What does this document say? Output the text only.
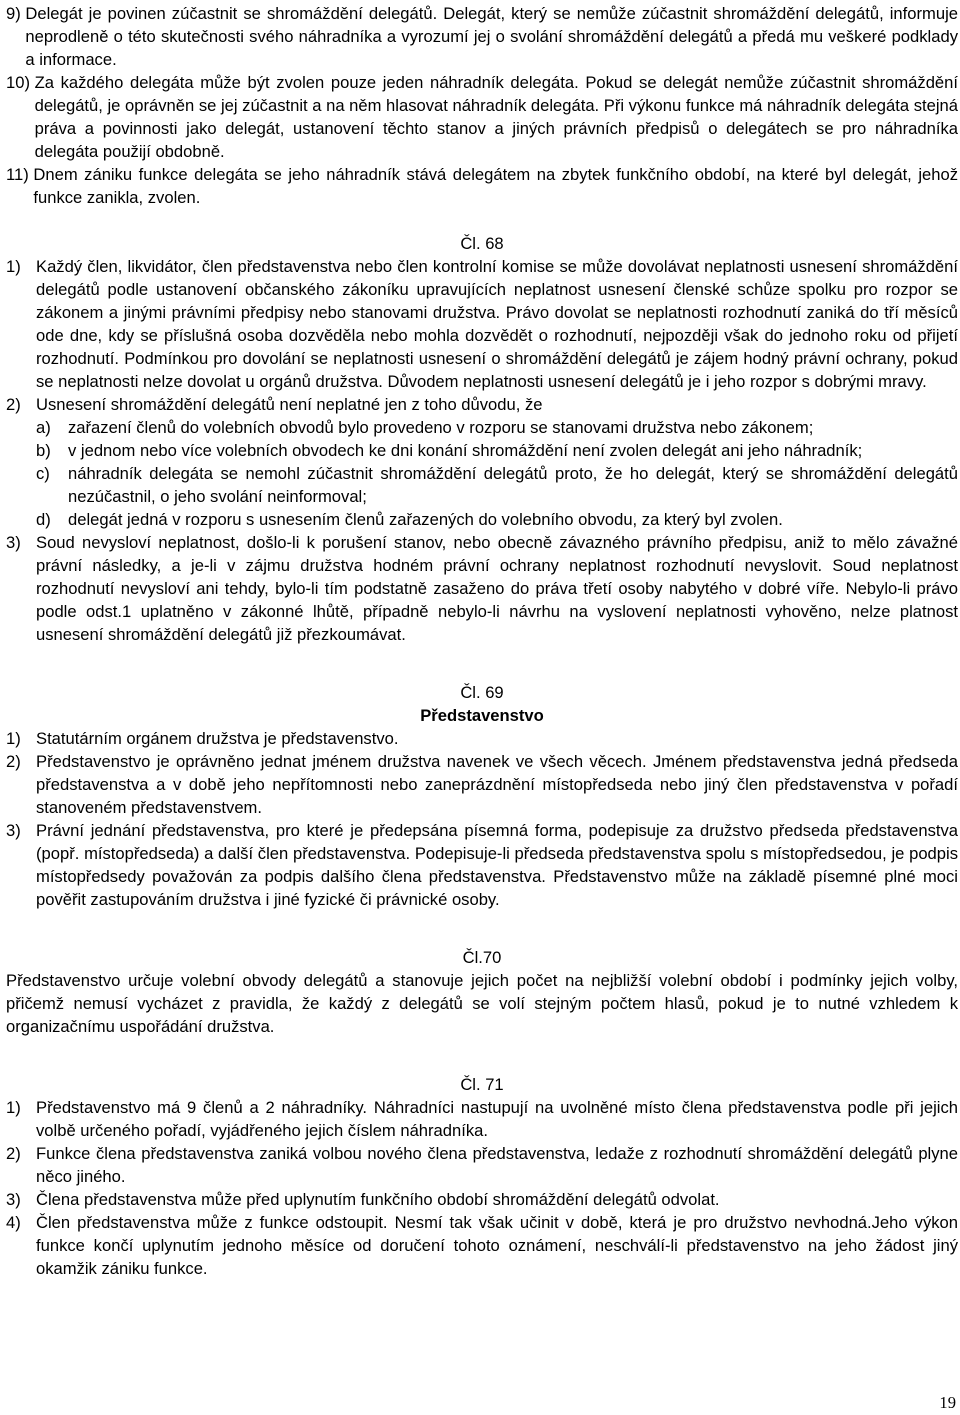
9) Delegát je povinen zúčastnit se shromáždění delegátů. Delegát, který se nemůže zúčastnit shromáždění delegátů, informuje neprodleně o této skutečnosti svého náhradníka a vyrozumí jej o svolání shromáždění delegátů a předá mu veškeré podklady a informace.
10) Za každého delegáta může být zvolen pouze jeden náhradník delegáta. Pokud se delegát nemůže zúčastnit shromáždění delegátů, je oprávněn se jej zúčastnit a na něm hlasovat náhradník delegáta. Při výkonu funkce má náhradník delegáta stejná práva a povinnosti jako delegát, ustanovení těchto stanov a jiných právních předpisů o delegátech se pro náhradníka delegáta použijí obdobně.
11) Dnem zániku funkce delegáta se jeho náhradník stává delegátem na zbytek funkčního období, na které byl delegát, jehož funkce zanikla, zvolen.
Čl. 68
1) Každý člen, likvidátor, člen představenstva nebo člen kontrolní komise se může dovolávat neplatnosti usnesení shromáždění delegátů podle ustanovení občanského zákoníku upravujících neplatnost usnesení členské schůze spolku pro rozpor se zákonem a jinými právními předpisy nebo stanovami družstva. Právo dovolat se neplatnosti rozhodnutí zaniká do tří měsíců ode dne, kdy se příslušná osoba dozvěděla nebo mohla dozvědět o rozhodnutí, nejpozději však do jednoho roku od přijetí rozhodnutí. Podmínkou pro dovolání se neplatnosti usnesení o shromáždění delegátů je zájem hodný právní ochrany, pokud se neplatnosti nelze dovolat u orgánů družstva. Důvodem neplatnosti usnesení delegátů je i jeho rozpor s dobrými mravy.
2) Usnesení shromáždění delegátů není neplatné jen z toho důvodu, že
a)	zařazení členů do volebních obvodů bylo provedeno v rozporu se stanovami družstva nebo zákonem;
b)	v jednom nebo více volebních obvodech ke dni konání shromáždění není zvolen delegát ani jeho náhradník;
c)	náhradník delegáta se nemohl zúčastnit shromáždění delegátů proto, že ho delegát, který se shromáždění delegátů nezúčastnil, o jeho svolání neinformoval;
d)	delegát jedná v rozporu s usnesením členů zařazených do volebního obvodu, za který byl zvolen.
3) Soud nevysloví neplatnost, došlo-li k porušení stanov, nebo obecně závazného právního předpisu, aniž to mělo závažné právní následky, a je-li v zájmu družstva hodném právní ochrany neplatnost rozhodnutí nevyslovit. Soud neplatnost rozhodnutí nevysloví ani tehdy, bylo-li tím podstatně zasaženo do práva třetí osoby nabytého v dobré víře. Nebylo-li právo podle odst.1 uplatněno v zákonné lhůtě, případně nebylo-li návrhu na vyslovení neplatnosti vyhověno, nelze platnost usnesení shromáždění delegátů již přezkoumávat.
Čl. 69
Představenstvo
1) Statutárním orgánem družstva je představenstvo.
2) Představenstvo je oprávněno jednat jménem družstva navenek ve všech věcech. Jménem představenstva jedná předseda představenstva a v době jeho nepřítomnosti nebo zaneprázdnění místopředseda nebo jiný člen představenstva v pořadí stanoveném představenstvem.
3) Právní jednání představenstva, pro které je předepsána písemná forma, podepisuje za družstvo předseda představenstva (popř. místopředseda) a další člen představenstva. Podepisuje-li předseda představenstva spolu s místopředsedou, je podpis místopředsedy považován za podpis dalšího člena představenstva. Představenstvo může na základě písemné plné moci pověřit zastupováním družstva i jiné fyzické či právnické osoby.
Čl.70
Představenstvo určuje volební obvody delegátů a stanovuje jejich počet na nejbližší volební období i podmínky jejich volby, přičemž nemusí vycházet z pravidla, že každý z delegátů se volí stejným počtem hlasů, pokud je to nutné vzhledem k organizačnímu uspořádání družstva.
Čl. 71
1) Představenstvo má 9 členů a 2 náhradníky. Náhradníci nastupují na uvolněné místo člena představenstva podle při jejich volbě určeného pořadí, vyjádřeného jejich číslem náhradníka.
2) Funkce člena představenstva zaniká volbou nového člena představenstva, ledaže z rozhodnutí shromáždění delegátů plyne něco jiného.
3) Člena představenstva může před uplynutím funkčního období shromáždění delegátů odvolat.
4) Člen představenstva může z funkce odstoupit. Nesmí tak však učinit v době, která je pro družstvo nevhodná.Jeho výkon funkce končí uplynutím jednoho měsíce od doručení tohoto oznámení, neschválí-li představenstvo na jeho žádost jiný okamžik zániku funkce.
19
